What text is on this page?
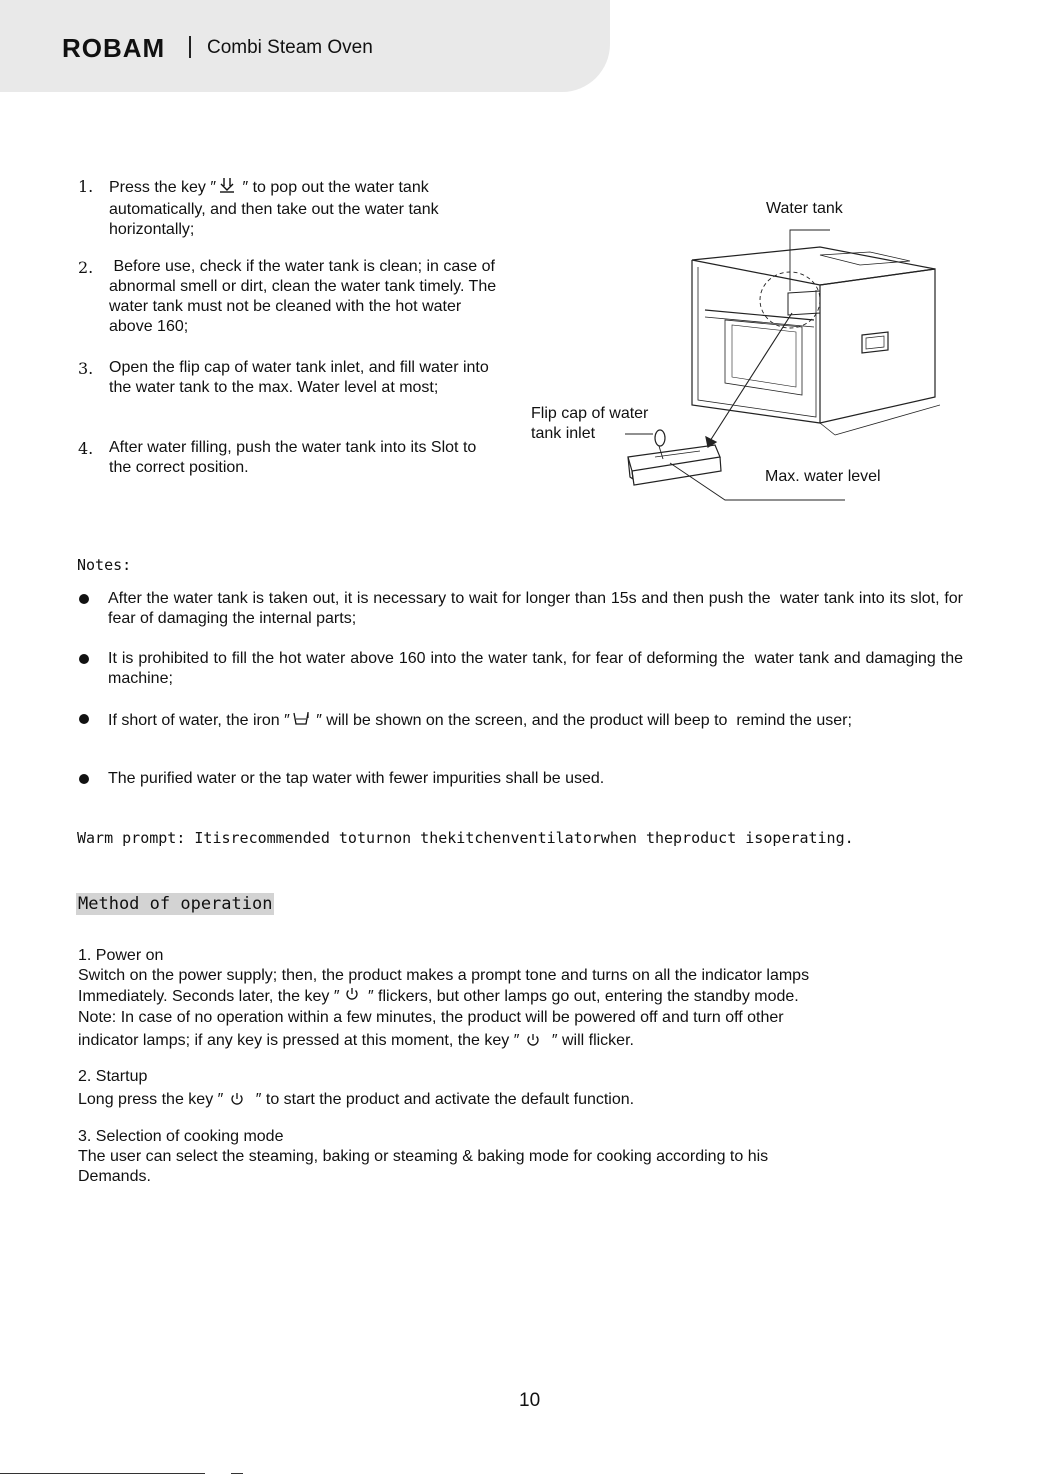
ROBAM Combi Steam Oven
1. Press the key ″ ″ to pop out the water tank automatically, and then take out the water tank horizontally;
2. Before use, check if the water tank is clean; in case of abnormal smell or dirt, clean the water tank timely. The water tank must not be cleaned with the hot water above 160;
3. Open the flip cap of water tank inlet, and fill water into the water tank to the max. Water level at most;
4. After water filling, push the water tank into its Slot to the correct position.
Water tank
Flip cap of water tank inlet
Max. water level
Notes:
After the water tank is taken out, it is necessary to wait for longer than 15s and then push the  water tank into its slot, for fear of damaging the internal parts;
It is prohibited to fill the hot water above 160 into the water tank, for fear of deforming the  water tank and damaging the machine;
If short of water, the iron ″ ″ will be shown on the screen, and the product will beep to  remind the user;
The purified water or the tap water with fewer impurities shall be used.
Warm prompt: Itisrecommended toturnon thekitchenventilatorwhen theproduct isoperating.
Method of operation
1. Power on
Switch on the power supply; then, the product makes a prompt tone and turns on all the indicator lamps
Immediately. Seconds later, the key ″ ″ flickers, but other lamps go out, entering the standby mode.
Note: In case of no operation within a few minutes, the product will be powered off and turn off other
indicator lamps; if any key is pressed at this moment, the key ″ ″ will flicker.
2. Startup
Long press the key ″ ″ to start the product and activate the default function.
3. Selection of cooking mode
The user can select the steaming, baking or steaming & baking mode for cooking according to his
Demands.
10
